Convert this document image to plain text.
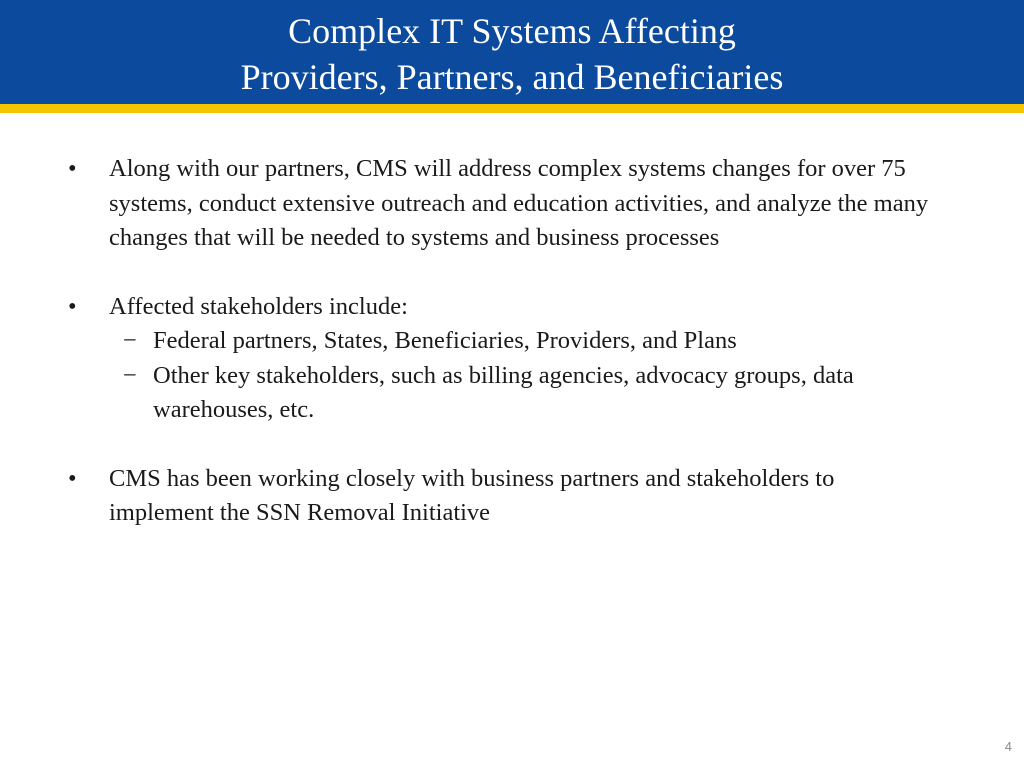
Complex IT Systems Affecting
Providers, Partners, and Beneficiaries
• Along with our partners, CMS will address complex systems changes for over 75 systems, conduct extensive outreach and education activities, and analyze the many changes that will be needed to systems and business processes
• Affected stakeholders include:
− Federal partners, States, Beneficiaries, Providers, and Plans
− Other key stakeholders, such as billing agencies, advocacy groups, data warehouses, etc.
• CMS has been working closely with business partners and stakeholders to implement the SSN Removal Initiative
4
